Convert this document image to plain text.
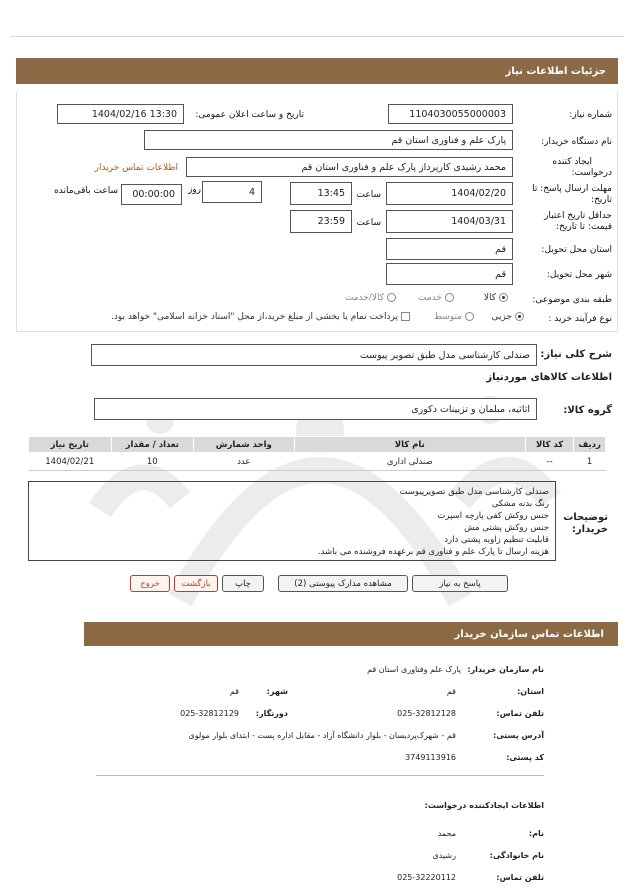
جزئیات اطلاعات نیاز
شماره نیاز:
1104030055000003
تاریخ و ساعت اعلان عمومی:
1404/02/16 13:30
نام دستگاه خریدار:
پارک علم و فناوری استان قم
ایجاد کننده
درخواست:
محمد رشیدی کارپرداز پارک علم و فناوری استان قم
اطلاعات تماس خریدار
مهلت ارسال پاسخ: تا
تاریخ:
1404/02/20
ساعت
13:45
4
روز
00:00:00
ساعت باقی‌مانده
حداقل تاریخ اعتبار
قیمت: تا تاریخ:
1404/03/31
ساعت
23:59
استان محل تحویل:
قم
شهر محل تحویل:
قم
طبقه بندی موضوعی:
کالا
خدمت
کالا/خدمت
نوع فرآیند خرید :
جزیی
متوسط
پرداخت تمام یا بخشی از مبلغ خرید،از محل "اسناد خزانه اسلامی" خواهد بود.
شرح کلی نیاز:
صندلی کارشناسی مدل طبق تصویر پیوست
اطلاعات کالاهای موردنیاز
گروه کالا:
اثاثیه، مبلمان و تزیینات دکوری
ردیف	کد کالا	نام کالا	واحد شمارش	تعداد / مقدار	تاریخ نیاز
1	--	صندلی اداری	عدد	10	1404/02/21
توضیحات
خریدار:
صندلی کارشناسی مدل طبق تصویرپیوست
رنگ بدنه مشکی
جنس روکش کفی پارچه اسپرت
جنس روکش پشتی مش
قابلیت تنظیم زاویه پشتی دارد
هزینه ارسال تا پارک علم و فناوری قم برعهده فروشنده می باشد.
پاسخ به نیاز
مشاهده مدارک پیوستی (2)
چاپ
بازگشت
خروج
اطلاعات تماس سازمان خریدار
نام سازمان خریدار:
پارک علم وفناوری استان قم
استان:
قم
شهر:
قم
تلفن تماس:
025-32812128
دورنگار:
025-32812129
آدرس پستی:
قم - شهرک‌پردیسان - بلوار دانشگاه آزاد - مقابل اداره پست - ابتدای بلوار مولوی
کد پستی:
3749113916
اطلاعات ایجادکننده درخواست:
نام:
محمد
نام خانوادگی:
رشیدی
تلفن تماس:
025-32220112
